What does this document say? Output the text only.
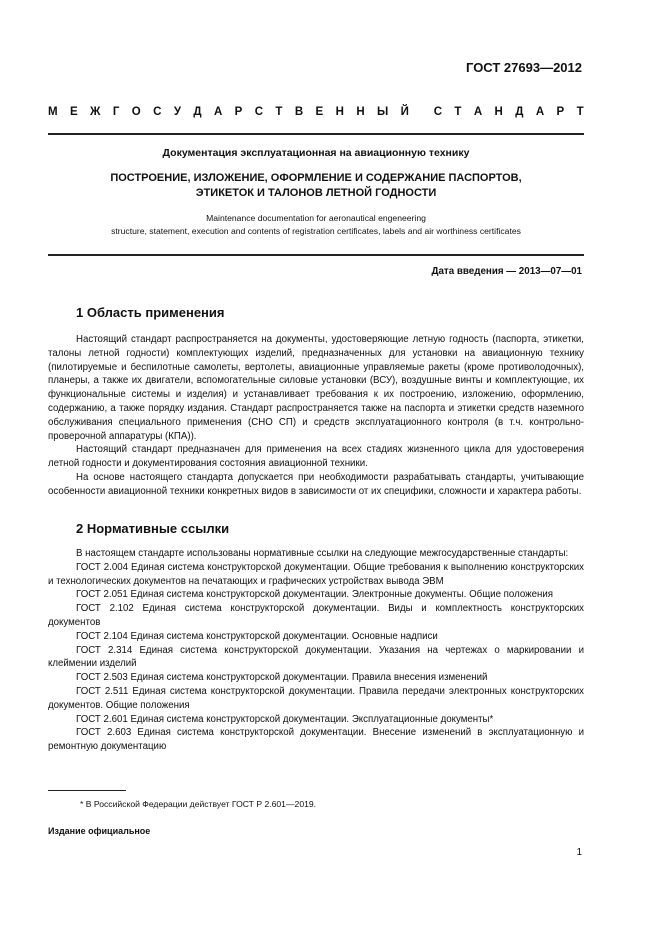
ГОСТ 27693—2012
М Е Ж Г О С У Д А Р С Т В Е Н Н Ы Й С Т А Н Д А Р Т
Документация эксплуатационная на авиационную технику
ПОСТРОЕНИЕ, ИЗЛОЖЕНИЕ, ОФОРМЛЕНИЕ И СОДЕРЖАНИЕ ПАСПОРТОВ,
ЭТИКЕТОК И ТАЛОНОВ ЛЕТНОЙ ГОДНОСТИ
Maintenance documentation for aeronautical engeneering
structure, statement, execution and contents of registration certificates, labels and air worthiness certificates
Дата введения — 2013—07—01
1 Область применения

Настоящий стандарт распространяется на документы, удостоверяющие летную годность (паспорта, этикетки, талоны летной годности) комплектующих изделий, предназначенных для установки на авиационную технику (пилотируемые и беспилотные самолеты, вертолеты, авиационные управляемые ракеты (кроме противолодочных), планеры, а также их двигатели, вспомогательные силовые установки (ВСУ), воздушные винты и комплектующие, их функциональные системы и изделия) и устанавливает требования к их построению, изложению, оформлению, содержанию, а также порядку издания. Стандарт распространяется также на паспорта и этикетки средств наземного обслуживания специального применения (СНО СП) и средств эксплуатационного контроля (в т.ч. контрольно-проверочной аппаратуры (КПА)).

Настоящий стандарт предназначен для применения на всех стадиях жизненного цикла для удостоверения летной годности и документирования состояния авиационной техники.

На основе настоящего стандарта допускается при необходимости разрабатывать стандарты, учитывающие особенности авиационной техники конкретных видов в зависимости от их специфики, сложности и характера работы.

2 Нормативные ссылки

В настоящем стандарте использованы нормативные ссылки на следующие межгосударственные стандарты:

ГОСТ 2.004 Единая система конструкторской документации. Общие требования к выполнению конструкторских и технологических документов на печатающих и графических устройствах вывода ЭВМ

ГОСТ 2.051 Единая система конструкторской документации. Электронные документы. Общие положения

ГОСТ 2.102 Единая система конструкторской документации. Виды и комплектность конструкторских документов

ГОСТ 2.104 Единая система конструкторской документации. Основные надписи

ГОСТ 2.314 Единая система конструкторской документации. Указания на чертежах о маркировании и клеймении изделий

ГОСТ 2.503 Единая система конструкторской документации. Правила внесения изменений

ГОСТ 2.511 Единая система конструкторской документации. Правила передачи электронных конструкторских документов. Общие положения

ГОСТ 2.601 Единая система конструкторской документации. Эксплуатационные документы*

ГОСТ 2.603 Единая система конструкторской документации. Внесение изменений в эксплуатационную и ремонтную документацию

* В Российской Федерации действует ГОСТ Р 2.601—2019.
Издание официальное
1
